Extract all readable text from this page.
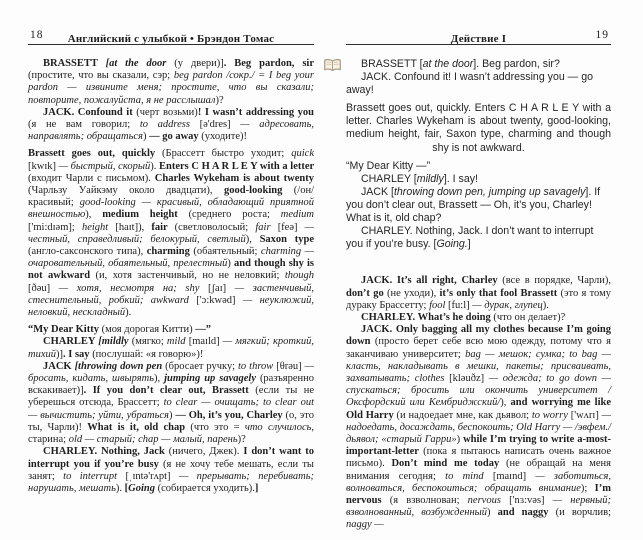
18 Английский с улыбкой • Брэндон Томас

BRASSETT [at the door (у двери)]. Beg pardon, sir (простите, что вы сказали, сэр; beg pardon /сокр./ = I beg your pardon — извините меня; простите, что вы сказали; повторите, пожалуйста, я не расслышал)?

JACK. Confound it (черт возьми)! I wasn’t addressing you (я не вам говорил; to address [ə'dres] — адресовать, направлять; обращаться) — go away (уходите)!

Brassett goes out, quickly (Брассетт быстро уходит; quick [kwɪk] — быстрый, скорый). Enters C H A R L E Y with a letter (входит Чарли с письмом). Charles Wykeham is about twenty (Чарльзу Уайкэму около двадцати), good-looking (/он/ красивый; good-looking — красивый, обладающий приятной внешностью), medium height (среднего роста; medium ['mi:dɪəm]; height [haɪt]), fair (светловолосый; fair [feə] — честный, справедливый; белокурый, светлый), Saxon type (англо-саксонского типа), charming (обаятельный; charming — очаровательный, обаятельный, прелестный) and though shy is not awkward (и, хотя застенчивый, но не неловкий; though [ðəu] — хотя, несмотря на; shy [ʃaɪ] — застенчивый, стеснительный, робкий; awkward ['ɔ:kwəd] — неуклюжий, неловкий, нескладный).

“My Dear Kitty (моя дорогая Китти) —”

CHARLEY [mildly (мягко; mild [maɪld] — мягкий; кроткий, тихий)]. I say (послушай: «я говорю»)!

JACK [throwing down pen (бросает ручку; to throw [θrəu] — бросать, кидать, швырять), jumping up savagely (разъяренно вскакивает)]. If you don’t clear out, Brassett (если ты не уберешься отсюда, Брассетт; to clear — очищать; to clear out — вычистить; уйти, убраться) — Oh, it’s you, Charley (о, это ты, Чарли)! What is it, old chap (что это = что случилось, старина; old — старый; chap — малый, парень)?

CHARLEY. Nothing, Jack (ничего, Джек). I don’t want to interrupt you if you’re busy (я не хочу тебе мешать, если ты занят; to interrupt [ˌɪntə'rʌpt] — прерывать; перебивать; нарушать, мешать). [Going (собирается уходить).]

Действие I	19

BRASSETT [at the door]. Beg pardon, sir?

JACK. Confound it! I wasn’t addressing you — go away!

Brassett goes out, quickly. Enters C H A R L E Y with a letter. Charles Wykeham is about twenty, good-looking, medium height, fair, Saxon type, charming and though shy is not awkward.

“My Dear Kitty —”

CHARLEY [mildly]. I say!

JACK [throwing down pen, jumping up savagely]. If you don’t clear out, Brassett — Oh, it’s you, Charley! What is it, old chap?

CHARLEY. Nothing, Jack. I don’t want to interrupt you if you’re busy. [Going.]

JACK. It’s all right, Charley (все в порядке, Чарли), don’t go (не уходи), it’s only that fool Brassett (это я тому дураку Брассетту; fool [fu:l] — дурак, глупец).

CHARLEY. What’s he doing (что он делает)?

JACK. Only bagging all my clothes because I’m going down (просто берет себе всю мою одежду, потому что я заканчиваю университет; bag — мешок; сумка; to bag — класть, накладывать в мешки, пакеты; присваивать, захватывать; clothes [kləuðz] — одежда; to go down — спускаться; бросить или окончить университет /Оксфордский или Кембриджский/), and worrying me like Old Harry (и надоедает мне, как дьявол; to worry ['wʌrɪ] — надоедать, досаждать, беспокоить; Old Harry — /эвфем./ дьявол; «старый Гарри») while I’m trying to write a-most-important-letter (пока я пытаюсь написать очень важное письмо). Don’t mind me today (не обращай на меня внимания сегодня; to mind [maɪnd] — заботиться, волноваться, беспокоиться; обращать внимание); I’m nervous (я взволнован; nervous ['nɜ:vəs] — нервный; взволнованный, возбужденный) and naggy (и ворчлив; naggy —
